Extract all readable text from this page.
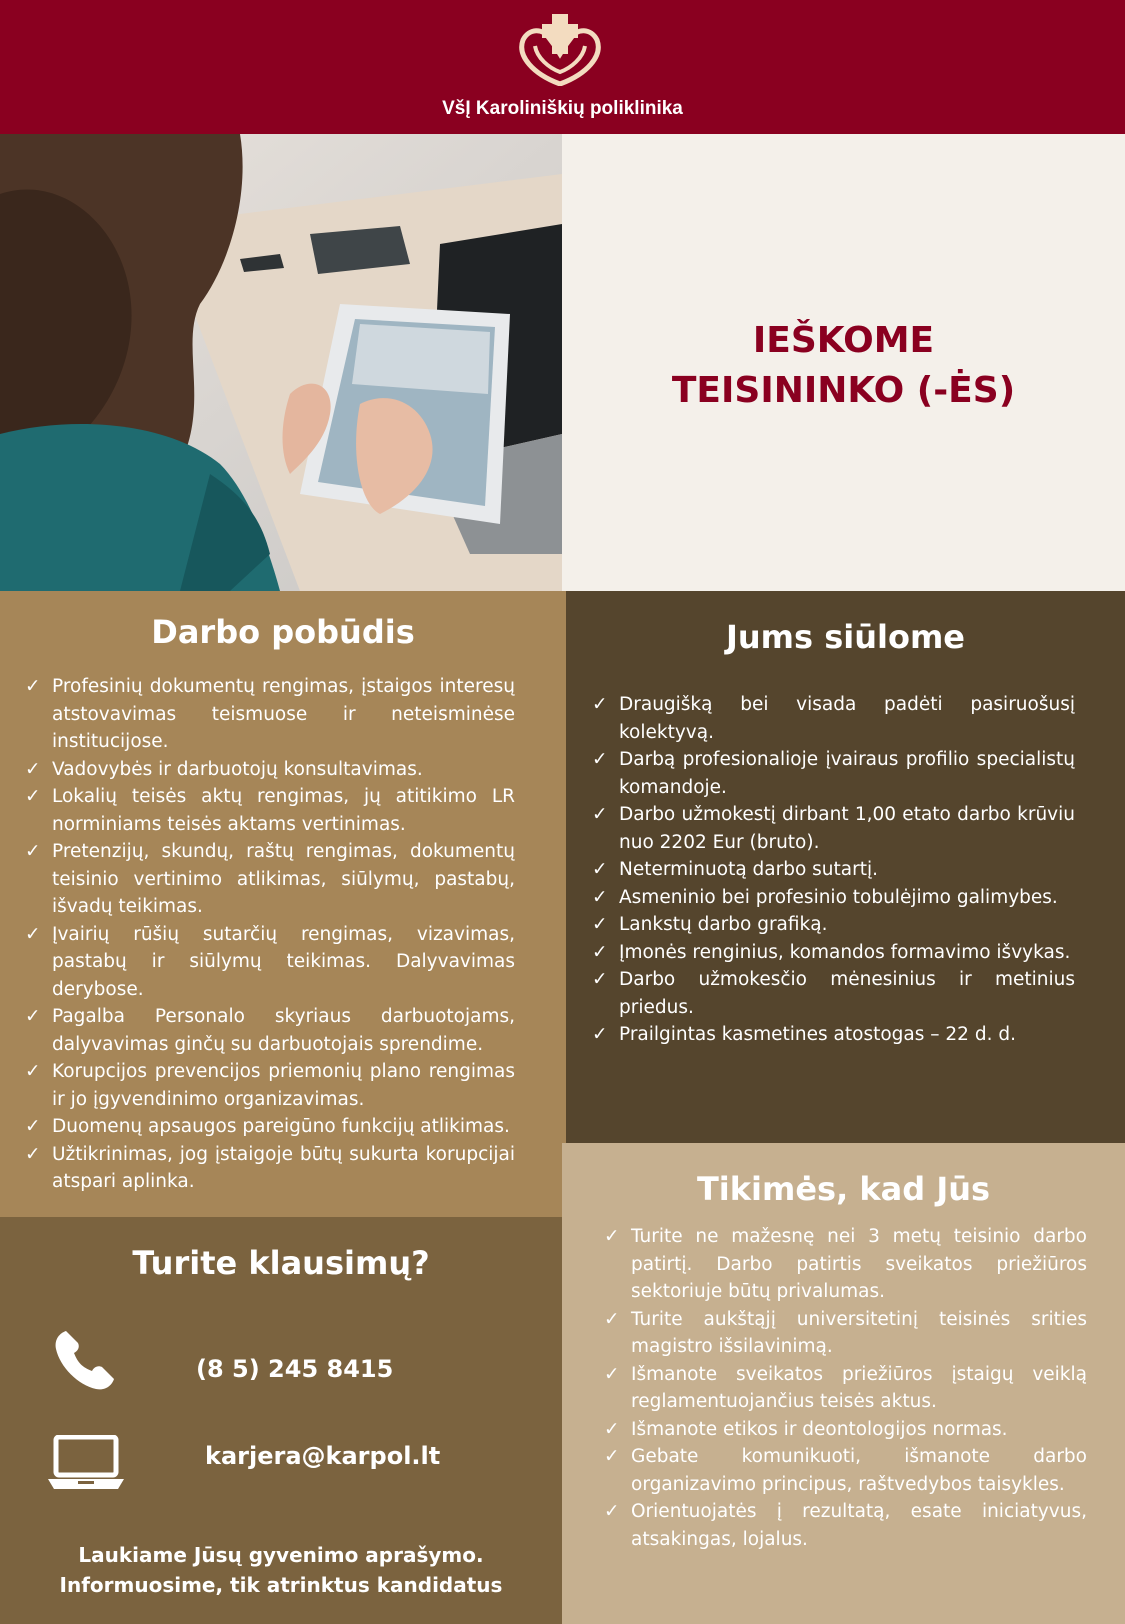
VšĮ Karoliniškių poliklinika
IEŠKOME
TEISININKO (-ĖS)
Darbo pobūdis
✓ Profesinių dokumentų rengimas, įstaigos interesų atstovavimas teismuose ir neteisminėse institucijose.
✓ Vadovybės ir darbuotojų konsultavimas.
✓ Lokalių teisės aktų rengimas, jų atitikimo LR norminiams teisės aktams vertinimas.
✓ Pretenzijų, skundų, raštų rengimas, dokumentų teisinio vertinimo atlikimas, siūlymų, pastabų, išvadų teikimas.
✓ Įvairių rūšių sutarčių rengimas, vizavimas, pastabų ir siūlymų teikimas. Dalyvavimas derybose.
✓ Pagalba Personalo skyriaus darbuotojams, dalyvavimas ginčų su darbuotojais sprendime.
✓ Korupcijos prevencijos priemonių plano rengimas ir jo įgyvendinimo organizavimas.
✓ Duomenų apsaugos pareigūno funkcijų atlikimas.
✓ Užtikrinimas, jog įstaigoje būtų sukurta korupcijai atspari aplinka.
Jums siūlome
✓ Draugišką bei visada padėti pasiruošusį kolektyvą.
✓ Darbą profesionalioje įvairaus profilio specialistų komandoje.
✓ Darbo užmokestį dirbant 1,00 etato darbo krūviu nuo 2202 Eur (bruto).
✓ Neterminuotą darbo sutartį.
✓ Asmeninio bei profesinio tobulėjimo galimybes.
✓ Lankstų darbo grafiką.
✓ Įmonės renginius, komandos formavimo išvykas.
✓ Darbo užmokesčio mėnesinius ir metinius priedus.
✓ Prailgintas kasmetines atostogas – 22 d. d.
Tikimės, kad Jūs
✓ Turite ne mažesnę nei 3 metų teisinio darbo patirtį. Darbo patirtis sveikatos priežiūros sektoriuje būtų privalumas.
✓ Turite aukštąjį universitetinį teisinės srities magistro išsilavinimą.
✓ Išmanote sveikatos priežiūros įstaigų veiklą reglamentuojančius teisės aktus.
✓ Išmanote etikos ir deontologijos normas.
✓ Gebate komunikuoti, išmanote darbo organizavimo principus, raštvedybos taisykles.
✓ Orientuojatės į rezultatą, esate iniciatyvus, atsakingas, lojalus.
Turite klausimų?
(8 5) 245 8415
karjera@karpol.lt
Laukiame Jūsų gyvenimo aprašymo.
Informuosime, tik atrinktus kandidatus
